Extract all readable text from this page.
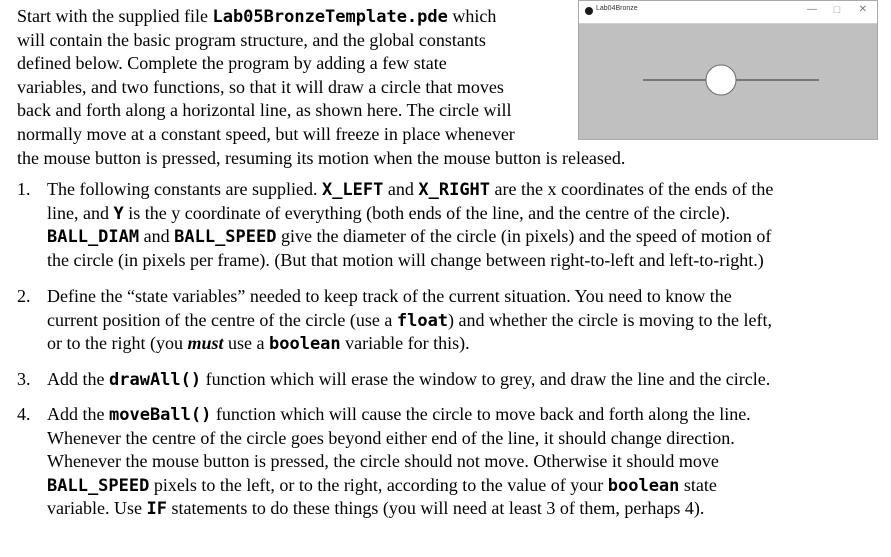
Lab04Bronze	— ☐ ✕
Start with the supplied file Lab05BronzeTemplate.pde which
will contain the basic program structure, and the global constants
defined below. Complete the program by adding a few state
variables, and two functions, so that it will draw a circle that moves
back and forth along a horizontal line, as shown here. The circle will
normally move at a constant speed, but will freeze in place whenever
the mouse button is pressed, resuming its motion when the mouse button is released.
1. The following constants are supplied. X_LEFT and X_RIGHT are the x coordinates of the ends of the
line, and Y is the y coordinate of everything (both ends of the line, and the centre of the circle).
BALL_DIAM and BALL_SPEED give the diameter of the circle (in pixels) and the speed of motion of
the circle (in pixels per frame). (But that motion will change between right-to-left and left-to-right.)
2. Define the “state variables” needed to keep track of the current situation. You need to know the
current position of the centre of the circle (use a float) and whether the circle is moving to the left,
or to the right (you must use a boolean variable for this).
3. Add the drawAll() function which will erase the window to grey, and draw the line and the circle.
4. Add the moveBall() function which will cause the circle to move back and forth along the line.
Whenever the centre of the circle goes beyond either end of the line, it should change direction.
Whenever the mouse button is pressed, the circle should not move. Otherwise it should move
BALL_SPEED pixels to the left, or to the right, according to the value of your boolean state
variable. Use IF statements to do these things (you will need at least 3 of them, perhaps 4).
